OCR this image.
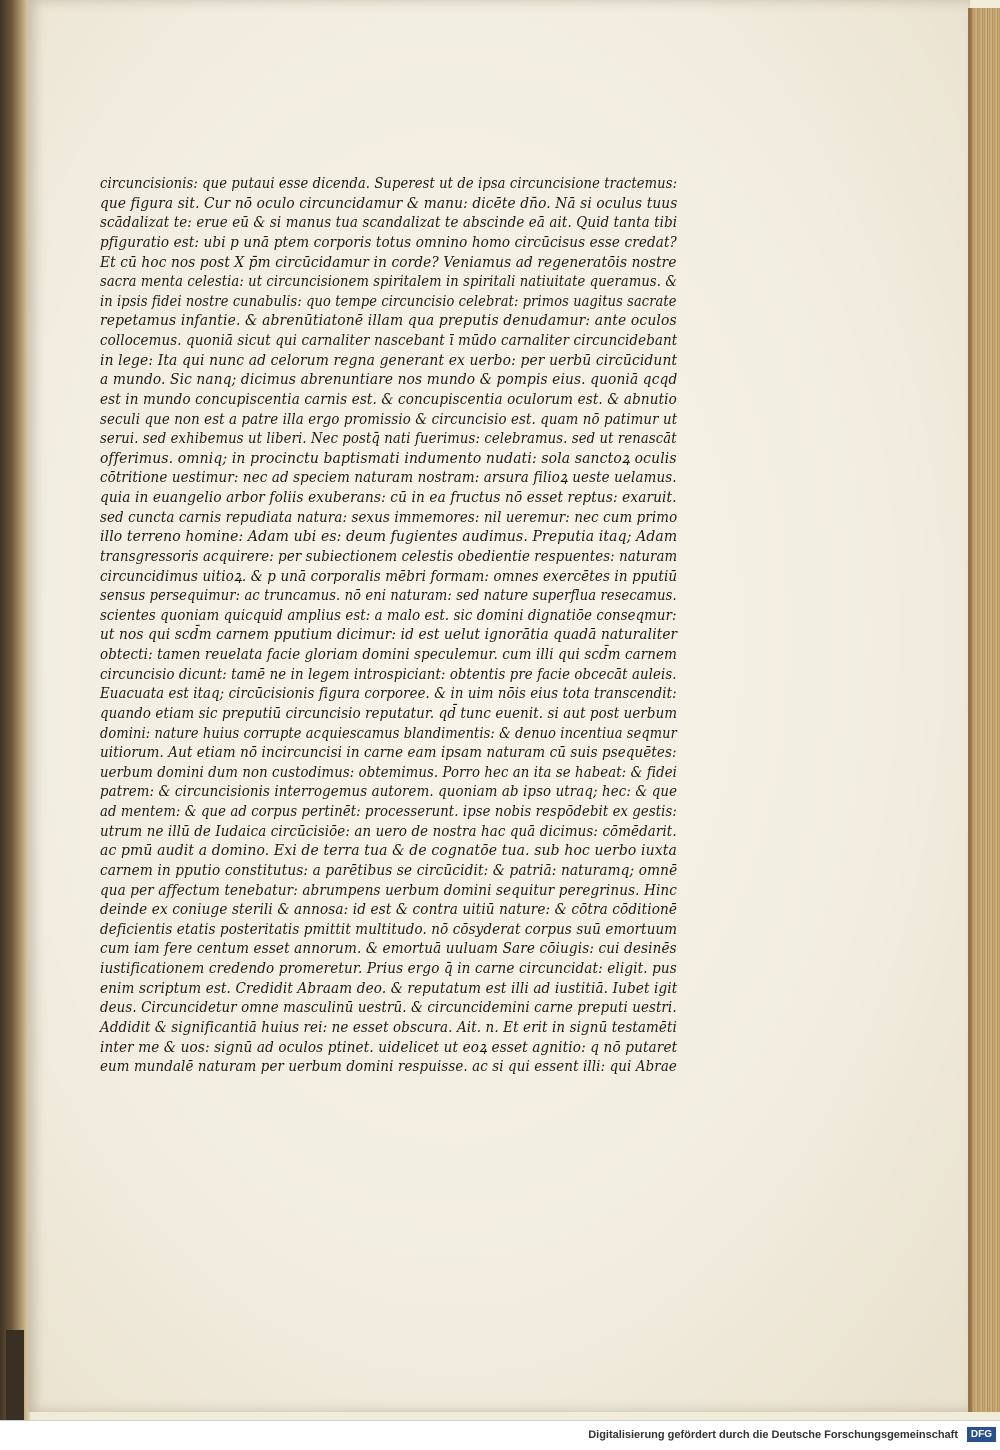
circuncisionis: que putaui esse dicenda. Superest ut de ipsa circuncisione tractemus:
que figura sit. Cur nō oculo circuncidamur & manu: dicēte dn̄o. Nā si oculus tuus
scādalizat te: erue eū & si manus tua scandalizat te abscinde eā ait. Quid tanta tibi
pfiguratio est: ubi p unā ptem corporis totus omnino homo circūcisus esse credat?
Et cū hoc nos post X p̄m circūcidamur in corde? Veniamus ad regeneratōis nostre
sacra menta celestia: ut circuncisionem spiritalem in spiritali natiuitate queramus. &
in ipsis fidei nostre cunabulis: quo tempe circuncisio celebrat: primos uagitus sacrate
repetamus infantie. & abrenūtiatonē illam qua preputis denudamur: ante oculos
collocemus. quoniā sicut qui carnaliter nascebant ī mūdo carnaliter circuncidebant
in lege: Ita qui nunc ad celorum regna generant ex uerbo: per uerbū circūcidunt
a mundo. Sic nanq; dicimus abrenuntiare nos mundo & pompis eius. quoniā qcqd
est in mundo concupiscentia carnis est. & concupiscentia oculorum est. & abnutio
seculi que non est a patre illa ergo promissio & circuncisio est. quam nō patimur ut
serui. sed exhibemus ut liberi. Nec postq̄ nati fuerimus: celebramus. sed ut renascāt
offerimus. omniq; in procinctu baptismati indumento nudati: sola sanctoꝝ oculis
cōtritione uestimur: nec ad speciem naturam nostram: arsura filioꝝ ueste uelamus.
quia in euangelio arbor foliis exuberans: cū in ea fructus nō esset reptus: exaruit.
sed cuncta carnis repudiata natura: sexus immemores: nil ueremur: nec cum primo
illo terreno homine: Adam ubi es: deum fugientes audimus. Preputia itaq; Adam
transgressoris acquirere: per subiectionem celestis obedientie respuentes: naturam
circuncidimus uitioꝝ. & p unā corporalis mēbri formam: omnes exercētes in pputiū
sensus persequimur: ac truncamus. nō eni naturam: sed nature superflua resecamus.
scientes quoniam quicquid amplius est: a malo est. sic domini dignatiōe conseqmur:
ut nos qui scd̄m carnem pputium dicimur: id est uelut ignorātia quadā naturaliter
obtecti: tamen reuelata facie gloriam domini speculemur. cum illi qui scd̄m carnem
circuncisio dicunt: tamē ne in legem introspiciant: obtentis pre facie obcecāt auleis.
Euacuata est itaq; circūcisionis figura corporee. & in uim nōis eius tota transcendit:
quando etiam sic preputiū circuncisio reputatur. qd̄ tunc euenit. si aut post uerbum
domini: nature huius corrupte acquiescamus blandimentis: & denuo incentiua seqmur
uitiorum. Aut etiam nō incircuncisi in carne eam ipsam naturam cū suis psequētes:
uerbum domini dum non custodimus: obtemimus. Porro hec an ita se habeat: & fidei
patrem: & circuncisionis interrogemus autorem. quoniam ab ipso utraq; hec: & que
ad mentem: & que ad corpus pertinēt: processerunt. ipse nobis respōdebit ex gestis:
utrum ne illū de Iudaica circūcisiōe: an uero de nostra hac quā dicimus: cōmēdarit.
ac pmū audit a domino. Exi de terra tua & de cognatōe tua. sub hoc uerbo iuxta
carnem in pputio constitutus: a parētibus se circūcidit: & patriā: naturamq; omnē
qua per affectum tenebatur: abrumpens uerbum domini sequitur peregrinus. Hinc
deinde ex coniuge sterili & annosa: id est & contra uitiū nature: & cōtra cōditionē
deficientis etatis posteritatis pmittit multitudo. nō cōsyderat corpus suū emortuum
cum iam fere centum esset annorum. & emortuā uuluam Sare cōiugis: cui desinēs
iustificationem credendo promeretur. Prius ergo q̄ in carne circuncidat: eligit. pus
enim scriptum est. Credidit Abraam deo. & reputatum est illi ad iustitiā. Iubet igit
deus. Circuncidetur omne masculinū uestrū. & circuncidemini carne preputi uestri.
Addidit & significantiā huius rei: ne esset obscura. Ait. n. Et erit in signū testamēti
inter me & uos: signū ad oculos ptinet. uidelicet ut eoꝝ esset agnitio: q nō putaret
eum mundalē naturam per uerbum domini respuisse. ac si qui essent illi: qui Abrae
Digitalisierung gefördert durch die Deutsche Forschungsgemeinschaft	DFG
